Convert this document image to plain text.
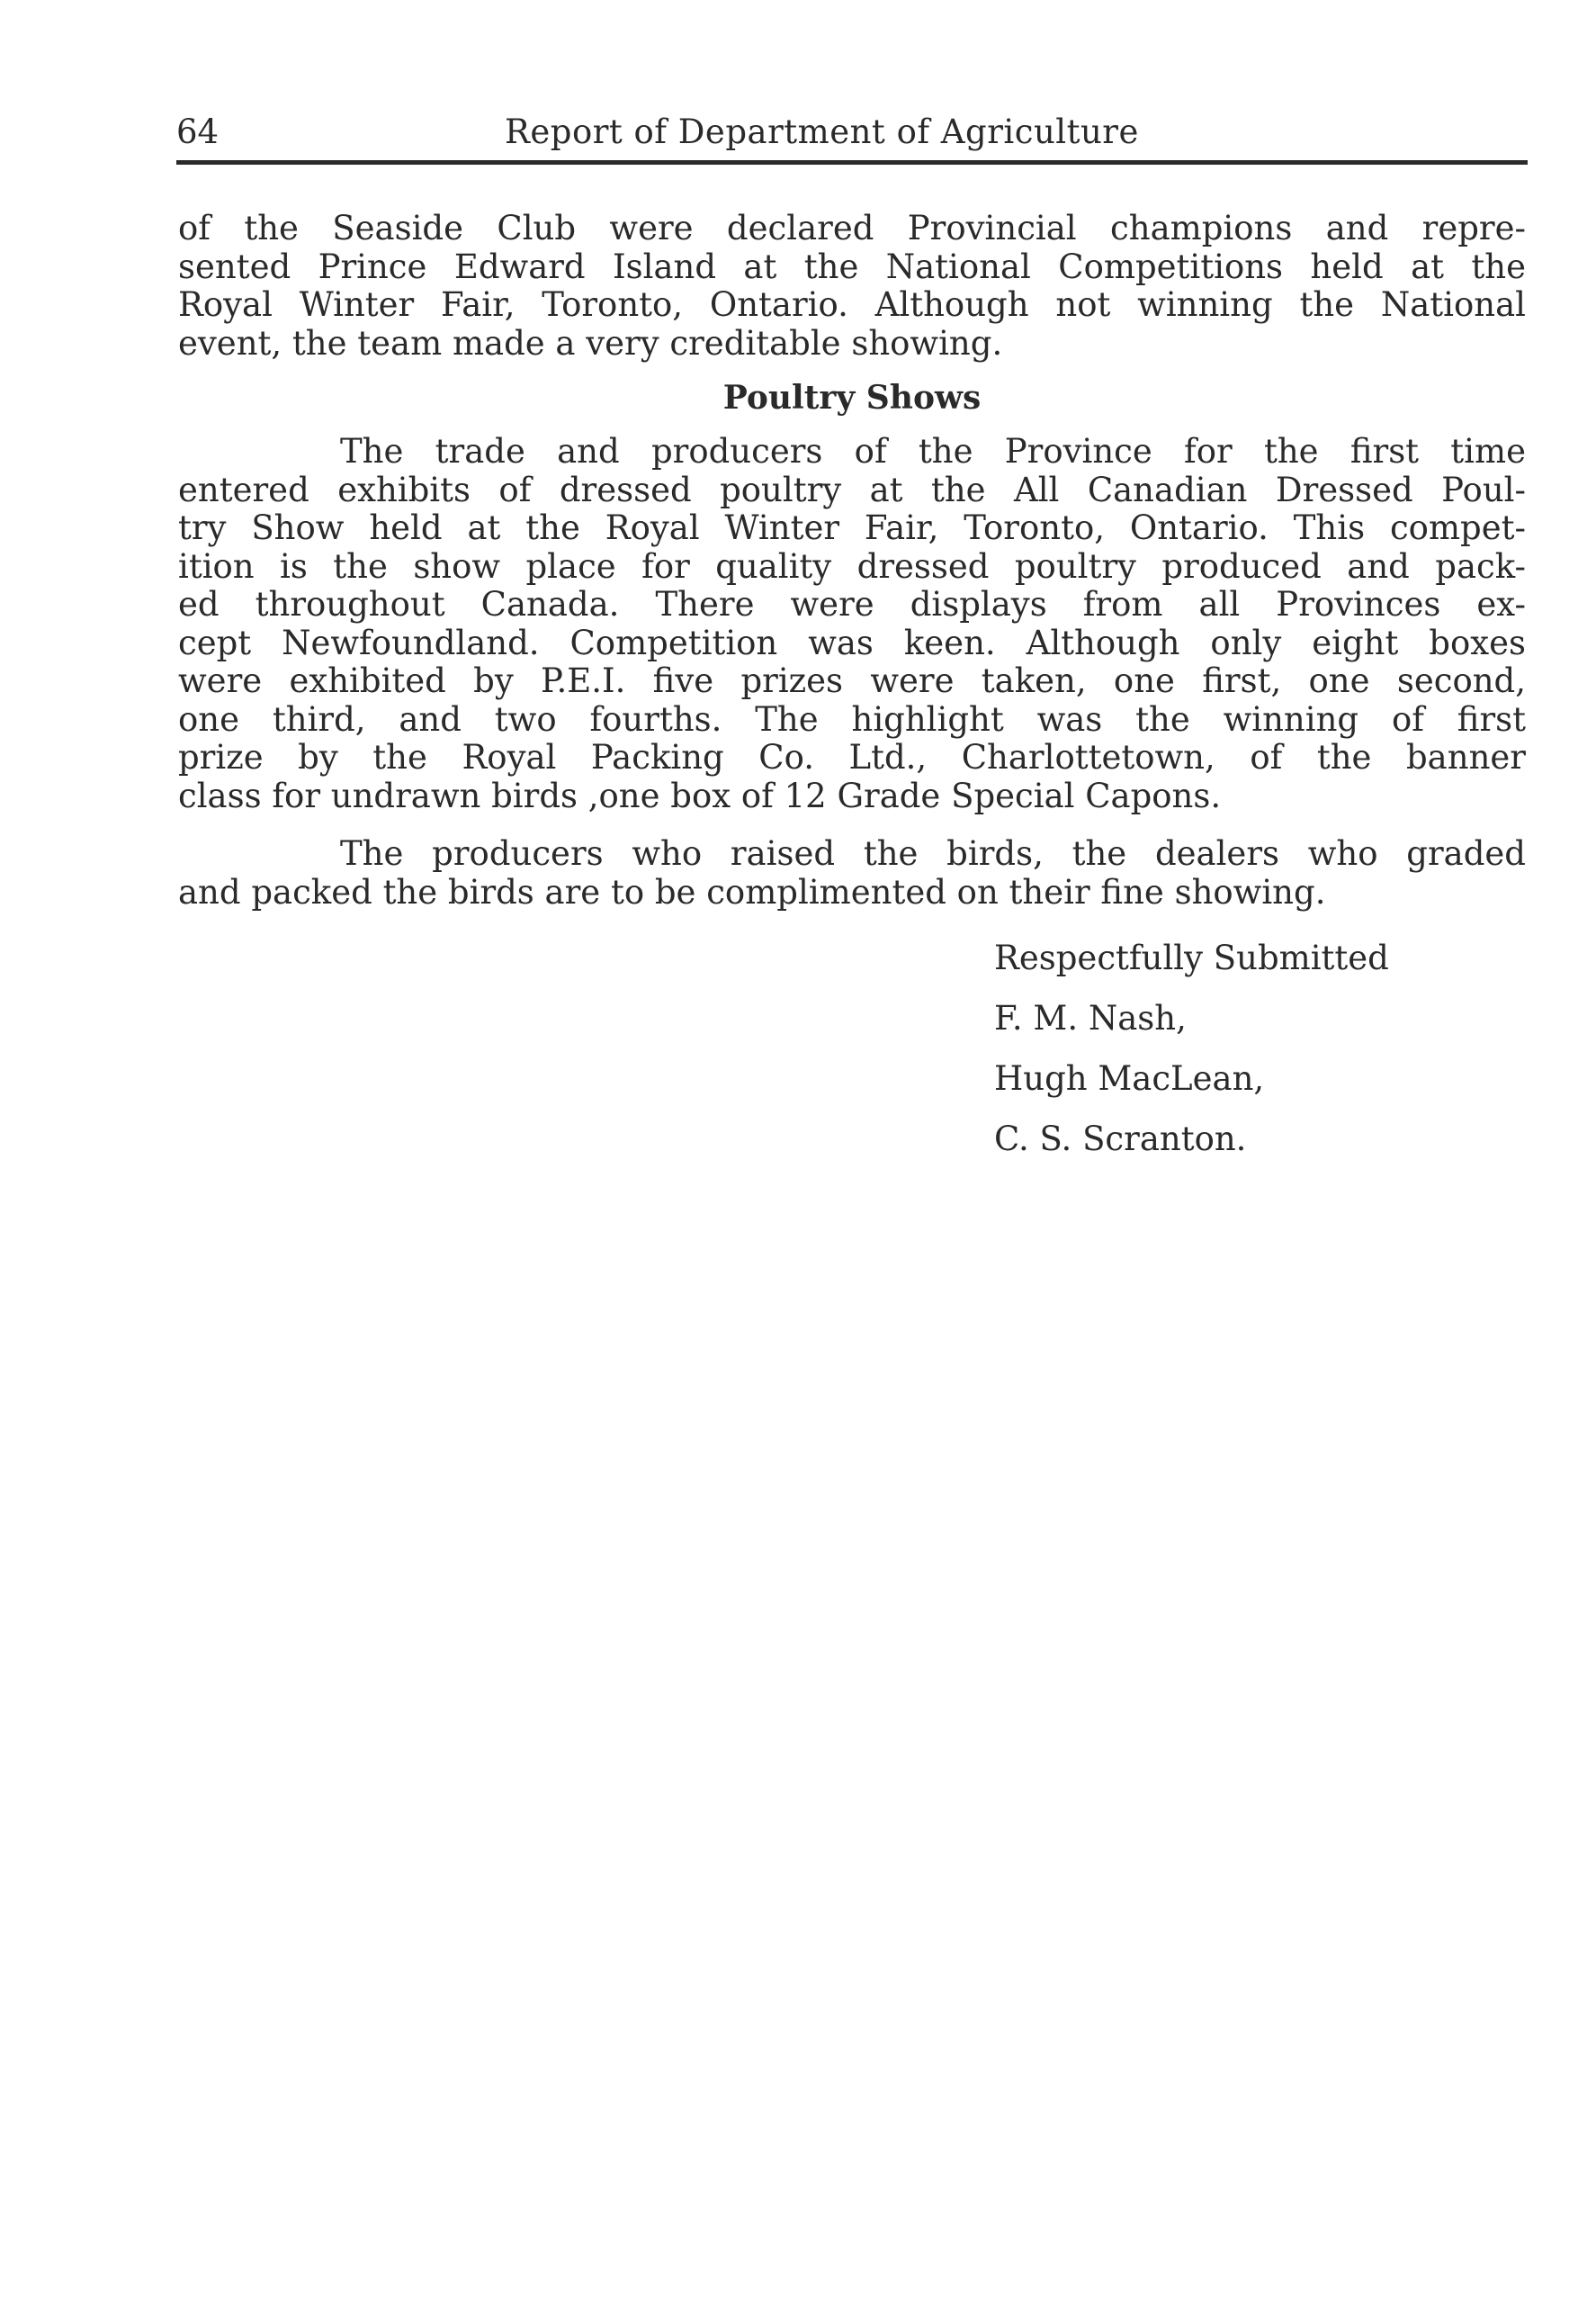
64	Report of Department of Agriculture
of the Seaside Club were declared Provincial champions and repre-
sented Prince Edward Island at the National Competitions held at the
Royal Winter Fair, Toronto, Ontario. Although not winning the National
event, the team made a very creditable showing.
Poultry Shows
The trade and producers of the Province for the first time
entered exhibits of dressed poultry at the All Canadian Dressed Poul-
try Show held at the Royal Winter Fair, Toronto, Ontario. This compet-
ition is the show place for quality dressed poultry produced and pack-
ed throughout Canada. There were displays from all Provinces ex-
cept Newfoundland. Competition was keen. Although only eight boxes
were exhibited by P.E.I. five prizes were taken, one first, one second,
one third, and two fourths. The highlight was the winning of first
prize by the Royal Packing Co. Ltd., Charlottetown, of the banner
class for undrawn birds ,one box of 12 Grade Special Capons.
The producers who raised the birds, the dealers who graded
and packed the birds are to be complimented on their fine showing.
Respectfully Submitted
F. M. Nash,
Hugh MacLean,
C. S. Scranton.
